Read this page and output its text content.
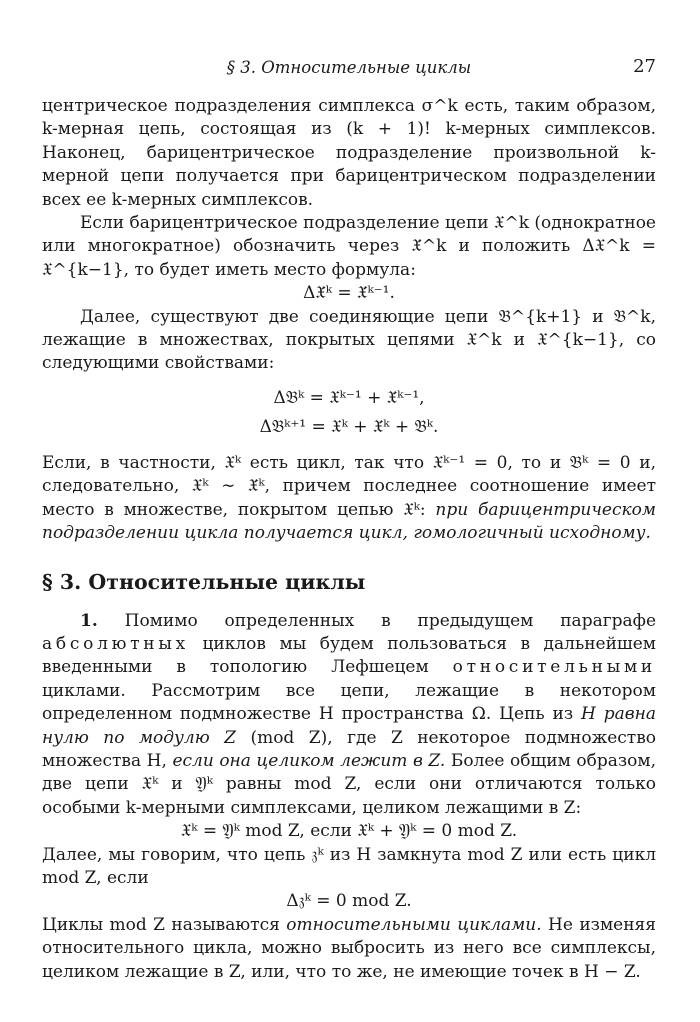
§ 3. Относительные циклы	27

центрическое подразделения симплекса σ^k есть, таким образом, k-мерная цепь, состоящая из (k + 1)! k-мерных симплексов. Наконец, барицентрическое подразделение произвольной k-мерной цепи получается при барицентрическом подразделении всех ее k-мерных симплексов.

Если барицентрическое подразделение цепи 𝔛^k (однократное или многократное) обозначить через 𝔛̇^k и положить Δ𝔛^k = 𝔛^{k−1}, то будет иметь место формула:

Δ𝔛̇ᵏ = 𝔛̇ᵏ⁻¹.

Далее, существуют две соединяющие цепи 𝔅^{k+1} и 𝔅^k, лежащие в множествах, покрытых цепями 𝔛^k и 𝔛^{k−1}, со следующими свойствами:

Δ𝔅ᵏ = 𝔛ᵏ⁻¹ + 𝔛̇ᵏ⁻¹,
Δ𝔅ᵏ⁺¹ = 𝔛ᵏ + 𝔛̇ᵏ + 𝔅ᵏ.

Если, в частности, 𝔛ᵏ есть цикл, так что 𝔛ᵏ⁻¹ = 0, то и 𝔅ᵏ = 0 и, следовательно, 𝔛ᵏ ∼ 𝔛̇ᵏ, причем последнее соотношение имеет место в множестве, покрытом цепью 𝔛ᵏ: при барицентрическом подразделении цикла получается цикл, гомологичный исходному.

§ 3. Относительные циклы

1. Помимо определенных в предыдущем параграфе абсолютных циклов мы будем пользоваться в дальнейшем введенными в топологию Лефшецем относительными циклами. Рассмотрим все цепи, лежащие в некотором определенном подмножестве H пространства Ω. Цепь из H равна нулю по модулю Z (mod Z), где Z некоторое подмножество множества H, если она целиком лежит в Z. Более общим образом, две цепи 𝔛ᵏ и 𝔜ᵏ равны mod Z, если они отличаются только особыми k-мерными симплексами, целиком лежащими в Z:

𝔛ᵏ = 𝔜ᵏ mod Z, если 𝔛ᵏ + 𝔜ᵏ = 0 mod Z.

Далее, мы говорим, что цепь 𝔷ᵏ из H замкнута mod Z или есть цикл mod Z, если

Δ𝔷ᵏ = 0 mod Z.

Циклы mod Z называются относительными циклами. Не изменяя относительного цикла, можно выбросить из него все симплексы, целиком лежащие в Z, или, что то же, не имеющие точек в H − Z.
